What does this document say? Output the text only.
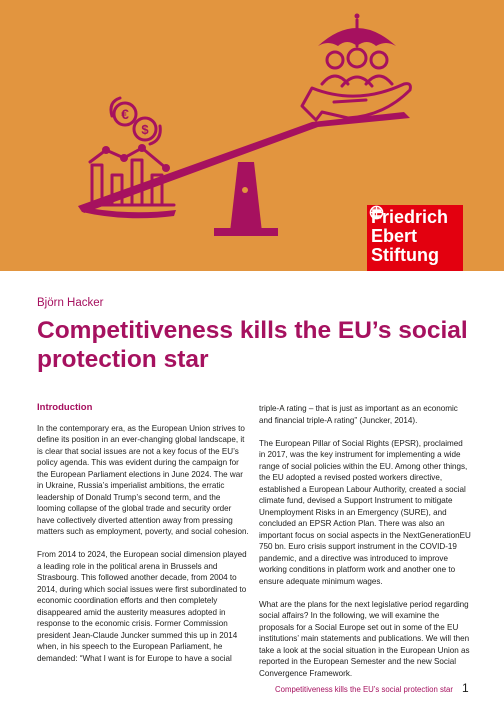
€
$
Friedrich
Ebert
Stiftung
Björn Hacker
Competitiveness kills the EU’s social protection star
Introduction

In the contemporary era, as the European Union strives to define its position in an ever-changing global landscape, it is clear that social issues are not a key focus of the EU’s policy agenda. This was evident during the campaign for the European Parliament elections in June 2024. The war in Ukraine, Russia’s imperialist ambitions, the erratic leadership of Donald Trump’s second term, and the looming collapse of the global trade and security order have collectively diverted attention away from pressing matters such as employment, poverty, and social cohesion.

From 2014 to 2024, the European social dimension played a leading role in the political arena in Brussels and Strasbourg. This followed another decade, from 2004 to 2014, during which social issues were first subordinated to economic coordination efforts and then completely disappeared amid the austerity measures adopted in response to the economic crisis. Former Commission president Jean-Claude Juncker summed this up in 2014 when, in his speech to the European Parliament, he demanded: “What I want is for Europe to have a social

triple-A rating – that is just as important as an economic and financial triple-A rating” (Juncker, 2014).

The European Pillar of Social Rights (EPSR), proclaimed in 2017, was the key instrument for implementing a wide range of social policies within the EU. Among other things, the EU adopted a revised posted workers directive, established a European Labour Authority, created a social climate fund, devised a Support Instrument to mitigate Unemployment Risks in an Emergency (SURE), and concluded an EPSR Action Plan. There was also an important focus on social aspects in the NextGenerationEU 750 bn. Euro crisis support instrument in the COVID-19 pandemic, and a directive was introduced to improve working conditions in platform work and another one to ensure adequate minimum wages.

What are the plans for the next legislative period regarding social affairs? In the following, we will examine the proposals for a Social Europe set out in some of the EU institutions’ main statements and publications. We will then take a look at the social situation in the European Union as reported in the European Semester and the new Social Convergence Framework.

Competitiveness kills the EU’s social protection star 1
